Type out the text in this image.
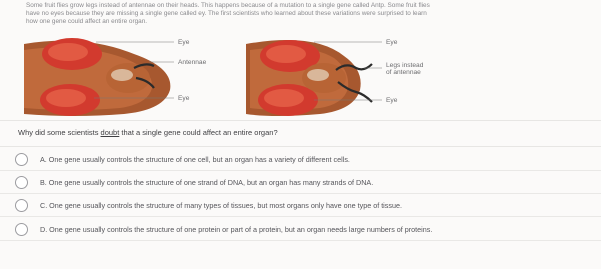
Some fruit flies grow legs instead of antennae on their heads. This happens because of a mutation to a single gene called Antp. Some fruit flies

have no eyes because they are missing a single gene called ey. The first scientists who learned about these variations were surprised to learn

how one gene could affect an entire organ.

Eye
Antennae
Eye
Eye
Legs instead
of antennae
Eye
Why did some scientists doubt that a single gene could affect an entire organ?
A. One gene usually controls the structure of one cell, but an organ has a variety of different cells.
B. One gene usually controls the structure of one strand of DNA, but an organ has many strands of DNA.
C. One gene usually controls the structure of many types of tissues, but most organs only have one type of tissue.
D. One gene usually controls the structure of one protein or part of a protein, but an organ needs large numbers of proteins.
